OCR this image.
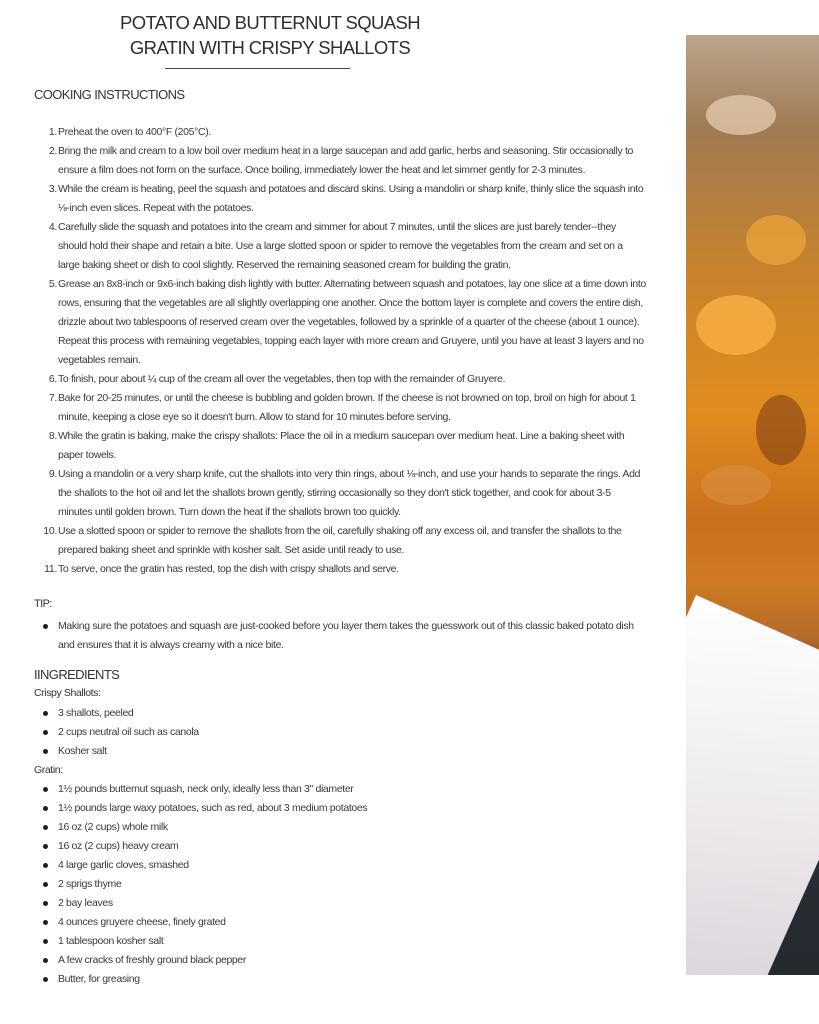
POTATO AND BUTTERNUT SQUASH
GRATIN WITH CRISPY SHALLOTS
COOKING INSTRUCTIONS
1. Preheat the oven to 400°F (205°C).
2. Bring the milk and cream to a low boil over medium heat in a large saucepan and add garlic, herbs and seasoning. Stir occasionally to ensure a film does not form on the surface. Once boiling, immediately lower the heat and let simmer gently for 2-3 minutes.
3. While the cream is heating, peel the squash and potatoes and discard skins. Using a mandolin or sharp knife, thinly slice the squash into ⅛-inch even slices. Repeat with the potatoes.
4. Carefully slide the squash and potatoes into the cream and simmer for about 7 minutes, until the slices are just barely tender--they should hold their shape and retain a bite. Use a large slotted spoon or spider to remove the vegetables from the cream and set on a large baking sheet or dish to cool slightly. Reserved the remaining seasoned cream for building the gratin.
5. Grease an 8x8-inch or 9x6-inch baking dish lightly with butter. Alternating between squash and potatoes, lay one slice at a time down into rows, ensuring that the vegetables are all slightly overlapping one another. Once the bottom layer is complete and covers the entire dish, drizzle about two tablespoons of reserved cream over the vegetables, followed by a sprinkle of a quarter of the cheese (about 1 ounce). Repeat this process with remaining vegetables, topping each layer with more cream and Gruyere, until you have at least 3 layers and no vegetables remain.
6. To finish, pour about ¼ cup of the cream all over the vegetables, then top with the remainder of Gruyere.
7. Bake for 20-25 minutes, or until the cheese is bubbling and golden brown. If the cheese is not browned on top, broil on high for about 1 minute, keeping a close eye so it doesn't burn. Allow to stand for 10 minutes before serving.
8. While the gratin is baking, make the crispy shallots: Place the oil in a medium saucepan over medium heat. Line a baking sheet with paper towels.
9. Using a mandolin or a very sharp knife, cut the shallots into very thin rings, about ⅛-inch, and use your hands to separate the rings. Add the shallots to the hot oil and let the shallots brown gently, stirring occasionally so they don't stick together, and cook for about 3-5 minutes until golden brown. Turn down the heat if the shallots brown too quickly.
10. Use a slotted spoon or spider to remove the shallots from the oil, carefully shaking off any excess oil, and transfer the shallots to the prepared baking sheet and sprinkle with kosher salt. Set aside until ready to use.
11. To serve, once the gratin has rested, top the dish with crispy shallots and serve.
TIP:
Making sure the potatoes and squash are just-cooked before you layer them takes the guesswork out of this classic baked potato dish and ensures that it is always creamy with a nice bite.
IINGREDIENTS
Crispy Shallots:
3 shallots, peeled
2 cups neutral oil such as canola
Kosher salt
Gratin:
1½ pounds butternut squash, neck only, ideally less than 3" diameter
1½ pounds large waxy potatoes, such as red, about 3 medium potatoes
16 oz (2 cups) whole milk
16 oz (2 cups) heavy cream
4 large garlic cloves, smashed
2 sprigs thyme
2 bay leaves
4 ounces gruyere cheese, finely grated
1 tablespoon kosher salt
A few cracks of freshly ground black pepper
Butter, for greasing
